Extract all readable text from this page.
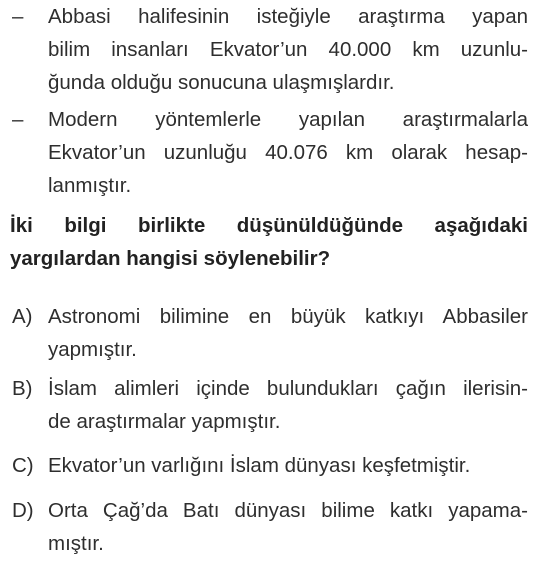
– Abbasi halifesinin isteğiyle araştırma yapan
bilim insanları Ekvator’un 40.000 km uzunlu-
ğunda olduğu sonucuna ulaşmışlardır.
– Modern yöntemlerle yapılan araştırmalarla
Ekvator’un uzunluğu 40.076 km olarak hesap-
lanmıştır.
İki bilgi birlikte düşünüldüğünde aşağıdaki
yargılardan hangisi söylenebilir?
A) Astronomi bilimine en büyük katkıyı Abbasiler
yapmıştır.
B) İslam alimleri içinde bulundukları çağın ilerisin-
de araştırmalar yapmıştır.
C) Ekvator’un varlığını İslam dünyası keşfetmiştir.
D) Orta Çağ’da Batı dünyası bilime katkı yapama-
mıştır.
